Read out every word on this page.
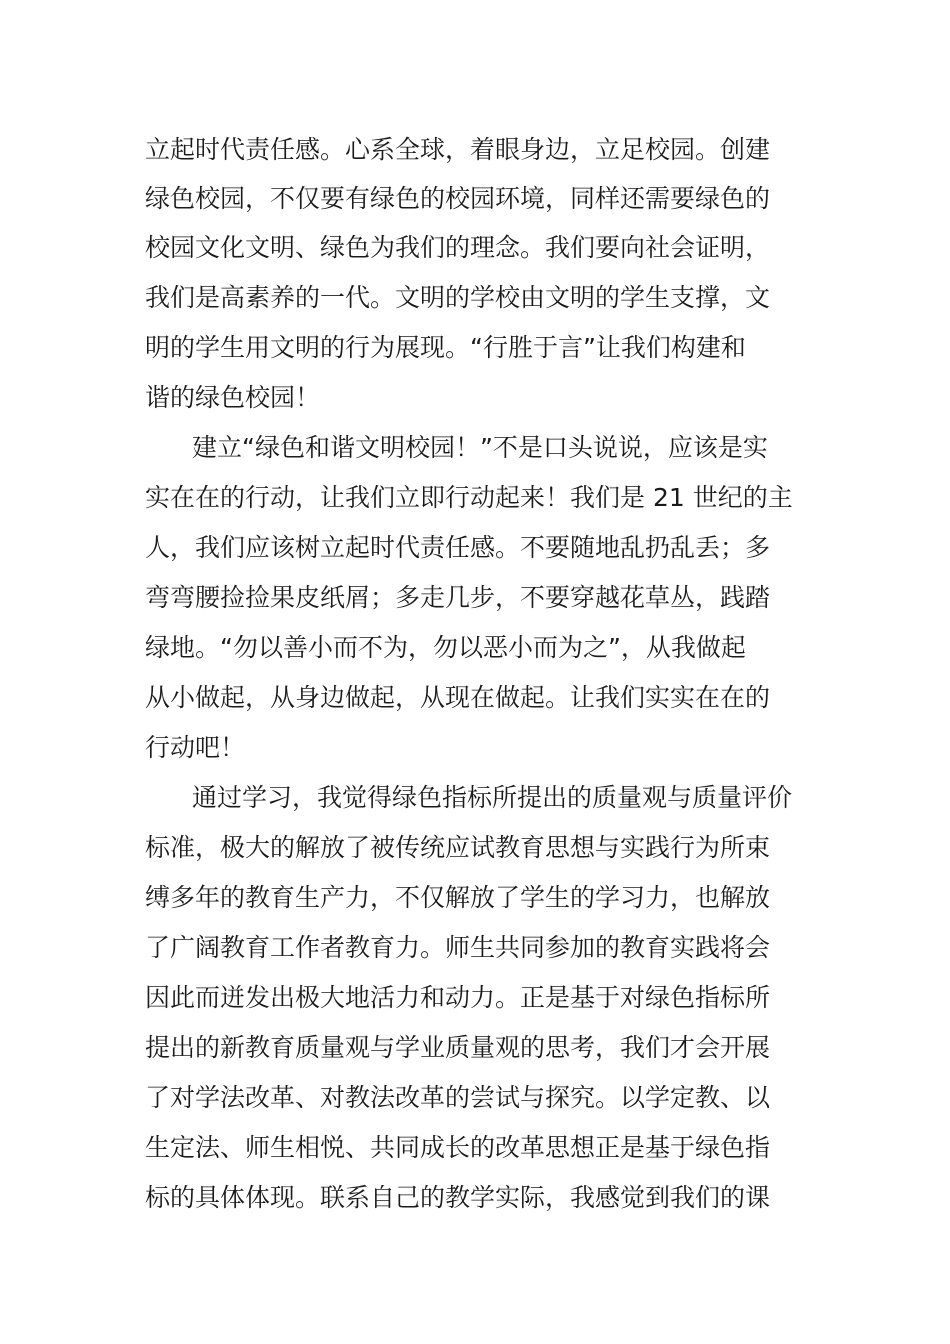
立起时代责任感。心系全球，着眼身边，立足校园。创建

绿色校园，不仅要有绿色的校园环境，同样还需要绿色的

校园文化文明、绿色为我们的理念。我们要向社会证明，

我们是高素养的一代。文明的学校由文明的学生支撑，文

明的学生用文明的行为展现。“行胜于言”让我们构建和

谐的绿色校园！

建立“绿色和谐文明校园！”不是口头说说，应该是实

实在在的行动，让我们立即行动起来！我们是 21 世纪的主

人，我们应该树立起时代责任感。不要随地乱扔乱丢；多

弯弯腰捡捡果皮纸屑；多走几步，不要穿越花草丛，践踏

绿地。“勿以善小而不为，勿以恶小而为之”，从我做起

从小做起，从身边做起，从现在做起。让我们实实在在的

行动吧！

通过学习，我觉得绿色指标所提出的质量观与质量评价

标准，极大的解放了被传统应试教育思想与实践行为所束

缚多年的教育生产力，不仅解放了学生的学习力，也解放

了广阔教育工作者教育力。师生共同参加的教育实践将会

因此而迸发出极大地活力和动力。正是基于对绿色指标所

提出的新教育质量观与学业质量观的思考，我们才会开展

了对学法改革、对教法改革的尝试与探究。以学定教、以

生定法、师生相悦、共同成长的改革思想正是基于绿色指

标的具体体现。联系自己的教学实际，我感觉到我们的课
